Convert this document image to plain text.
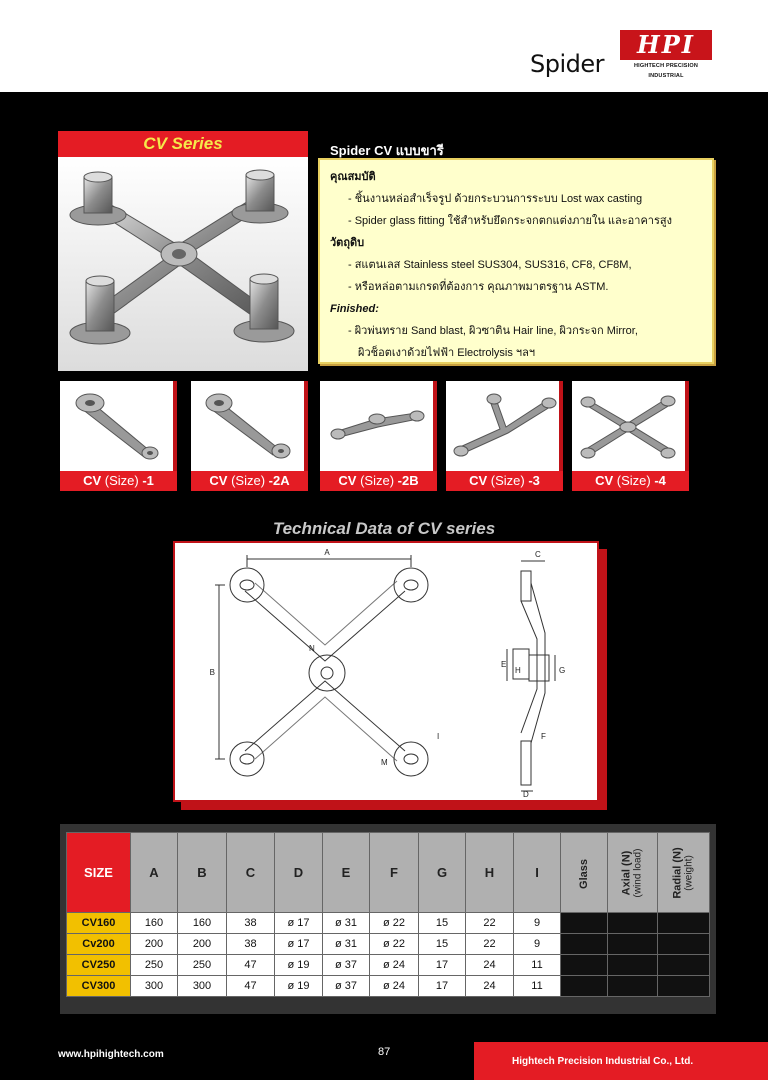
Spider
HPI
HIGHTECH PRECISION INDUSTRIAL
CV Series	Spider CV แบบขารี
คุณสมบัติ
- ชิ้นงานหล่อสำเร็จรูป ด้วยกระบวนการระบบ Lost wax casting
- Spider glass fitting ใช้สำหรับยึดกระจกตกแต่งภายใน และอาคารสูง
วัตถุดิบ
- สแตนเลส Stainless steel SUS304, SUS316, CF8, CF8M,
- หรือหล่อตามเกรดที่ต้องการ คุณภาพมาตรฐาน ASTM.
Finished:
- ผิวพ่นทราย Sand blast, ผิวซาติน Hair line, ผิวกระจก Mirror,
ผิวช็อตเงาด้วยไฟฟ้า Electrolysis ฯลฯ
CV (Size) -1	CV (Size) -2A	CV (Size) -2B	CV (Size) -3	CV (Size) -4
Technical Data of CV series
A
B
C
D
E
F
G
H
I
N
M
SIZE	A	B	C	D	E	F	G	H	I	Glass	Axial (N) (wind load)	Radial (N) (weight)

CV160	160	160	38	ø 17	ø 31	ø 22	15	22	9			
Cv200	200	200	38	ø 17	ø 31	ø 22	15	22	9			
CV250	250	250	47	ø 19	ø 37	ø 24	17	24	11			
CV300	300	300	47	ø 19	ø 37	ø 24	17	24	11			
www.hpihightech.com	87
Hightech Precision Industrial Co., Ltd.
